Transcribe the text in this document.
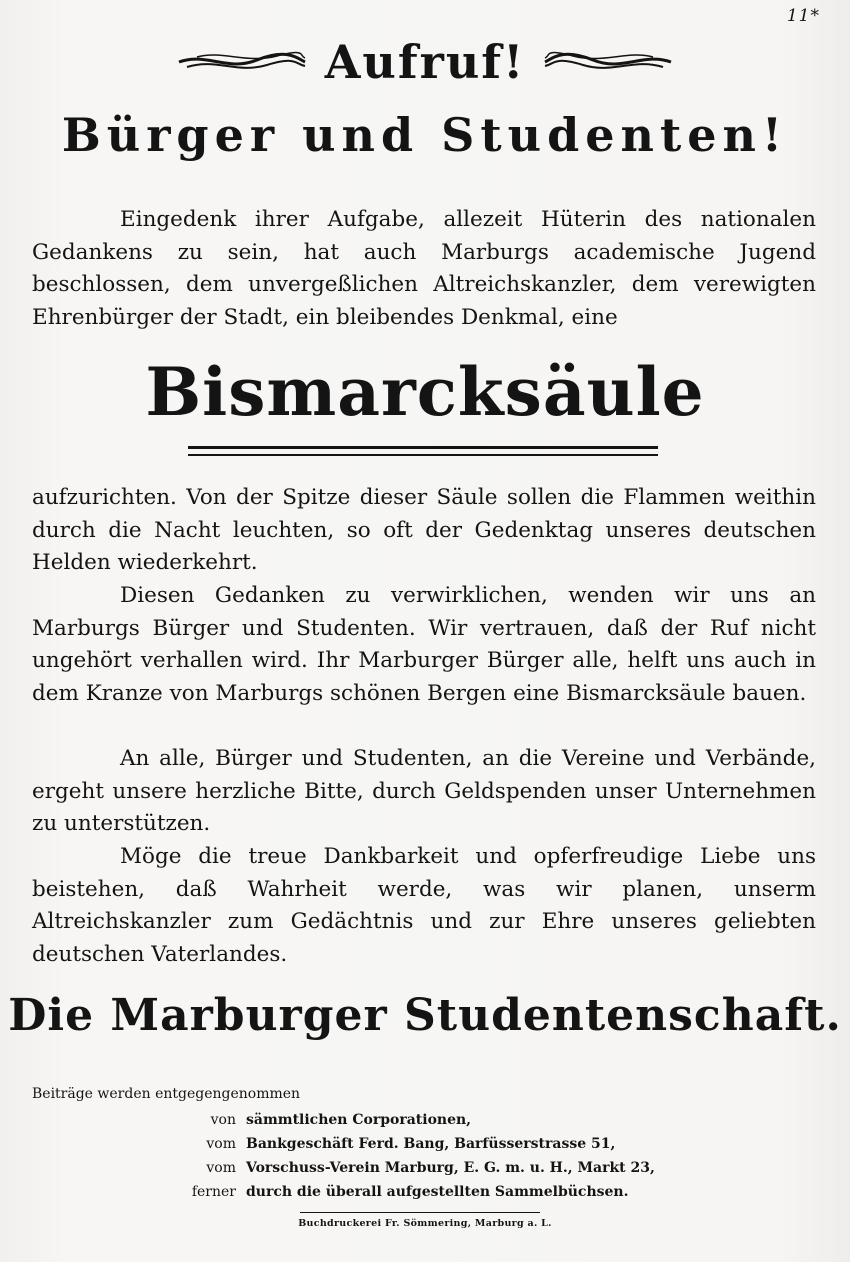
11*
Aufruf!
Bürger und Studenten!

Eingedenk ihrer Aufgabe, allezeit Hüterin des nationalen Gedankens zu sein, hat auch Marburgs academische Jugend beschlossen, dem unvergeßlichen Altreichskanzler, dem verewigten Ehrenbürger der Stadt, ein bleibendes Denkmal, eine

Bismarcksäule

aufzurichten. Von der Spitze dieser Säule sollen die Flammen weithin durch die Nacht leuchten, so oft der Gedenktag unseres deutschen Helden wiederkehrt.

Diesen Gedanken zu verwirklichen, wenden wir uns an Marburgs Bürger und Studenten. Wir vertrauen, daß der Ruf nicht ungehört verhallen wird. Ihr Marburger Bürger alle, helft uns auch in dem Kranze von Marburgs schönen Bergen eine Bismarcksäule bauen.

An alle, Bürger und Studenten, an die Vereine und Verbände, ergeht unsere herzliche Bitte, durch Geldspenden unser Unternehmen zu unterstützen.

Möge die treue Dankbarkeit und opferfreudige Liebe uns beistehen, daß Wahrheit werde, was wir planen, unserm Altreichskanzler zum Gedächtnis und zur Ehre unseres geliebten deutschen Vaterlandes.

Die Marburger Studentenschaft.
Beiträge werden entgegengenommen
von sämmtlichen Corporationen,
vom Bankgeschäft Ferd. Bang, Barfüsserstrasse 51,
vom Vorschuss-Verein Marburg, E. G. m. u. H., Markt 23,
ferner durch die überall aufgestellten Sammelbüchsen.
Buchdruckerei Fr. Sömmering, Marburg a. L.
